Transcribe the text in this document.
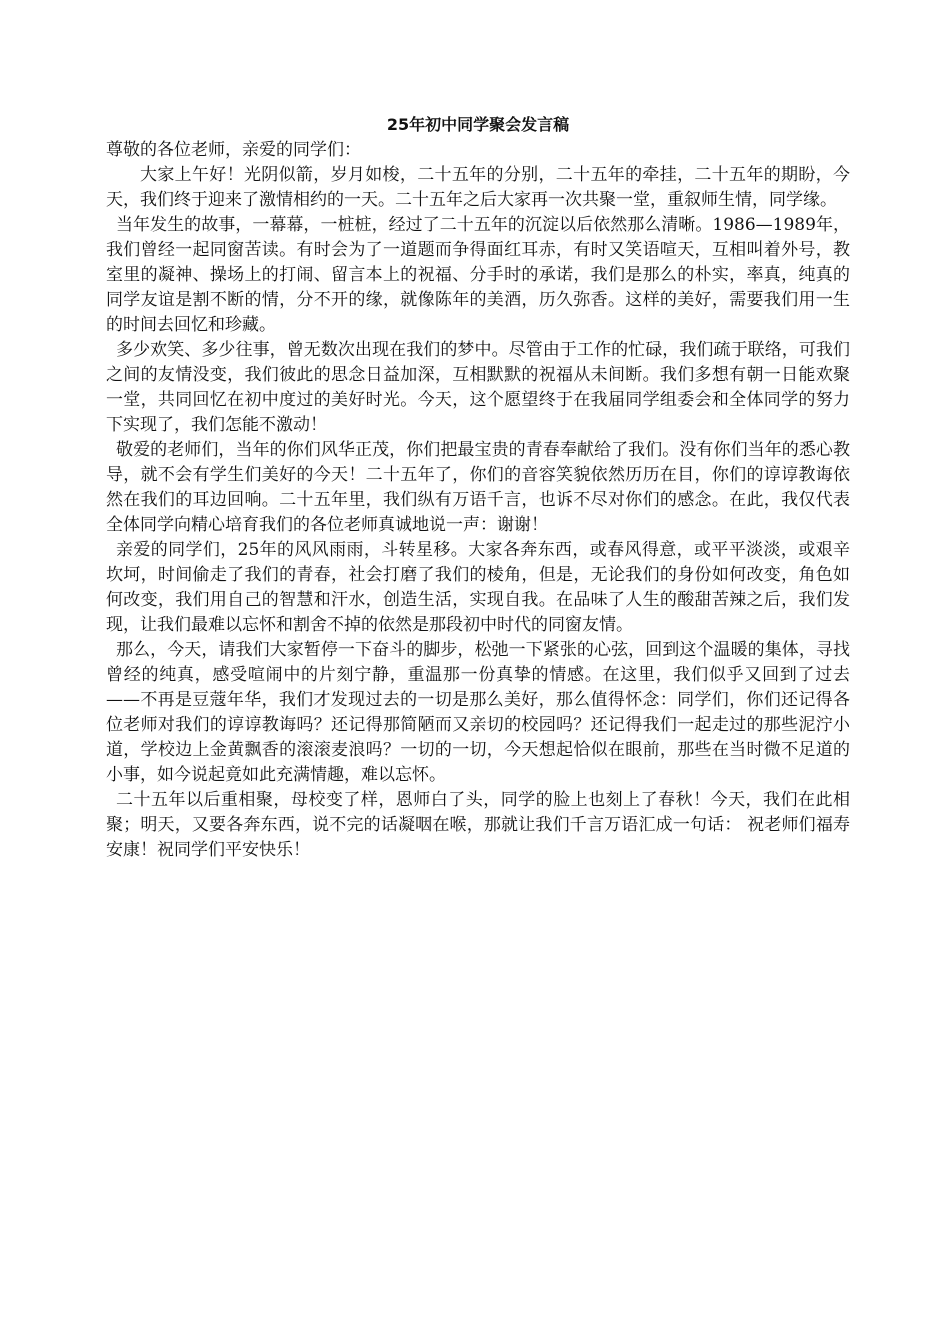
25年初中同学聚会发言稿

尊敬的各位老师，亲爱的同学们：

大家上午好！光阴似箭，岁月如梭，二十五年的分别，二十五年的牵挂，二十五年的期盼，今天，我们终于迎来了激情相约的一天。二十五年之后大家再一次共聚一堂，重叙师生情，同学缘。

当年发生的故事，一幕幕，一桩桩，经过了二十五年的沉淀以后依然那么清晰。1986—1989年，我们曾经一起同窗苦读。有时会为了一道题而争得面红耳赤，有时又笑语喧天，互相叫着外号，教室里的凝神、操场上的打闹、留言本上的祝福、分手时的承诺，我们是那么的朴实，率真，纯真的同学友谊是割不断的情，分不开的缘，就像陈年的美酒，历久弥香。这样的美好，需要我们用一生的时间去回忆和珍藏。

多少欢笑、多少往事，曾无数次出现在我们的梦中。尽管由于工作的忙碌，我们疏于联络，可我们之间的友情没变，我们彼此的思念日益加深，互相默默的祝福从未间断。我们多想有朝一日能欢聚一堂，共同回忆在初中度过的美好时光。今天，这个愿望终于在我届同学组委会和全体同学的努力下实现了，我们怎能不激动！

敬爱的老师们，当年的你们风华正茂，你们把最宝贵的青春奉献给了我们。没有你们当年的悉心教导，就不会有学生们美好的今天！二十五年了，你们的音容笑貌依然历历在目，你们的谆谆教诲依然在我们的耳边回响。二十五年里，我们纵有万语千言，也诉不尽对你们的感念。在此，我仅代表全体同学向精心培育我们的各位老师真诚地说一声：谢谢！

亲爱的同学们，25年的风风雨雨，斗转星移。大家各奔东西，或春风得意，或平平淡淡，或艰辛坎坷，时间偷走了我们的青春，社会打磨了我们的棱角，但是，无论我们的身份如何改变，角色如何改变，我们用自己的智慧和汗水，创造生活，实现自我。在品味了人生的酸甜苦辣之后，我们发现，让我们最难以忘怀和割舍不掉的依然是那段初中时代的同窗友情。

那么，今天，请我们大家暂停一下奋斗的脚步，松弛一下紧张的心弦，回到这个温暖的集体，寻找曾经的纯真，感受喧闹中的片刻宁静，重温那一份真挚的情感。在这里，我们似乎又回到了过去——不再是豆蔻年华，我们才发现过去的一切是那么美好，那么值得怀念：同学们，你们还记得各位老师对我们的谆谆教诲吗？还记得那简陋而又亲切的校园吗？还记得我们一起走过的那些泥泞小道，学校边上金黄飘香的滚滚麦浪吗？一切的一切，今天想起恰似在眼前，那些在当时微不足道的小事，如今说起竟如此充满情趣，难以忘怀。

二十五年以后重相聚，母校变了样，恩师白了头，同学的脸上也刻上了春秋！今天，我们在此相聚；明天，又要各奔东西，说不完的话凝咽在喉，那就让我们千言万语汇成一句话： 祝老师们福寿安康！祝同学们平安快乐！
